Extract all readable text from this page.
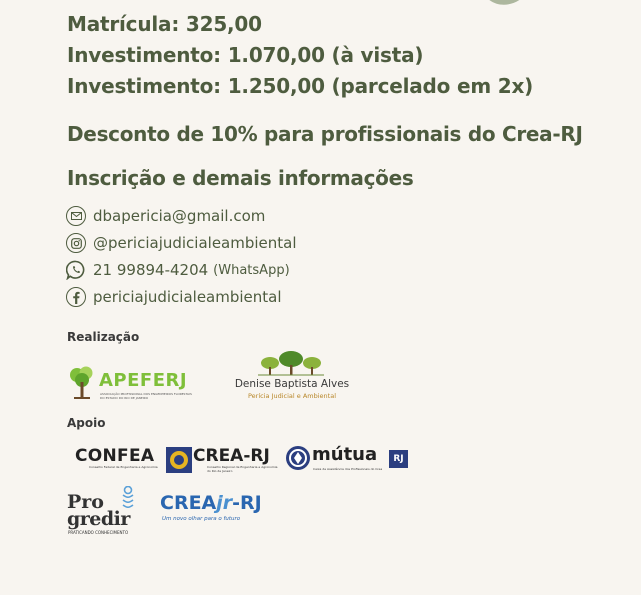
Matrícula: 325,00
Investimento: 1.070,00 (à vista)
Investimento: 1.250,00 (parcelado em 2x)
Desconto de 10% para profissionais do Crea-RJ
Inscrição e demais informações
dbapericia@gmail.com
@periciajudicialeambiental
21 99894-4204 (WhatsApp)
periciajudicialeambiental
Realização
APEFERJ
ASSOCIAÇÃO PROFISSIONAL DOS ENGENHEIROS FLORESTAIS DO ESTADO DO RIO DE JANEIRO
Denise Baptista Alves
Perícia Judicial e Ambiental
Apoio
CONFEA
Conselho Federal de Engenharia e Agronomia
CREA-RJ
Conselho Regional de Engenharia e Agronomia do Rio de Janeiro
mútua	RJ
Caixa de Assistência dos Profissionais do Crea
Pro
gredir
PRATICANDO CONHECIMENTO
CREAjr-RJ
Um novo olhar para o futuro
